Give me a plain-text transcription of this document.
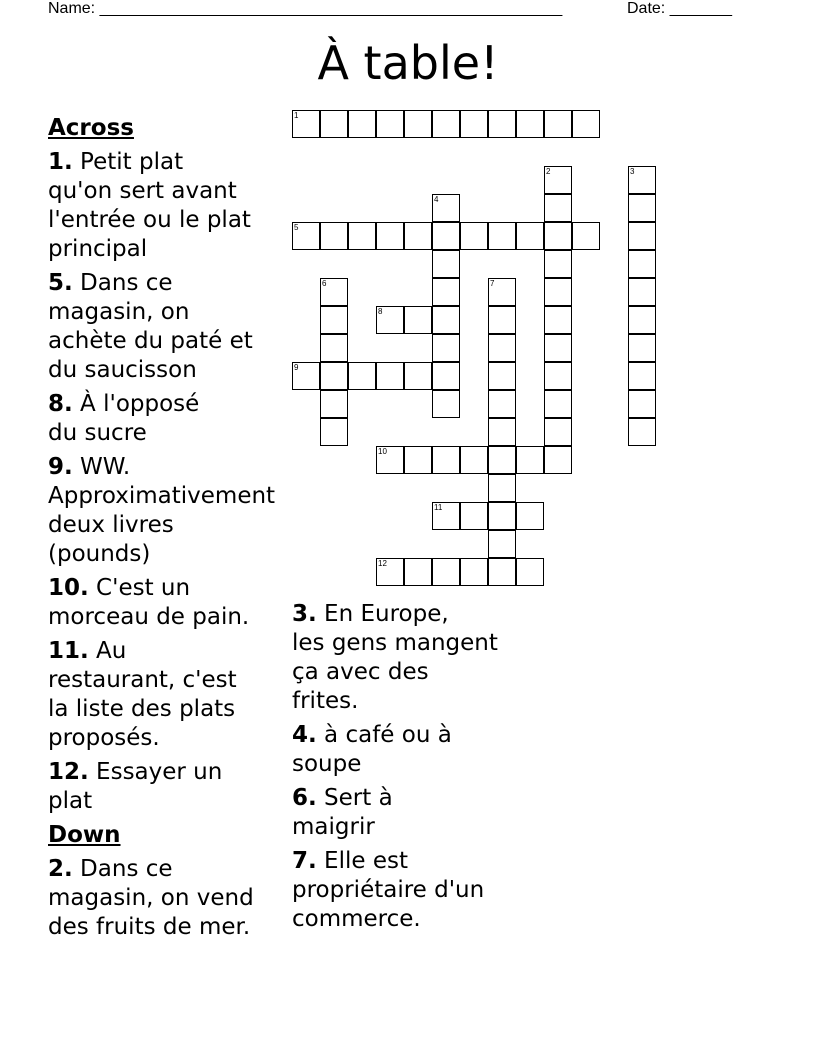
Name: ____________________________________________________	Date: _______
À table!
Across
1. Petit plat
qu'on sert avant
l'entrée ou le plat
principal
5. Dans ce
magasin, on
achète du paté et
du saucisson
8. À l'opposé
du sucre
9. WW.
Approximativement
deux livres
(pounds)
10. C'est un
morceau de pain.
11. Au
restaurant, c'est
la liste des plats
proposés.
12. Essayer un
plat
Down
2. Dans ce
magasin, on vend
des fruits de mer.
3. En Europe,
les gens mangent
ça avec des
frites.
4. à café ou à
soupe
6. Sert à
maigrir
7. Elle est
propriétaire d'un
commerce.
1
5
8
9
10
11
12
2	3
4
6	7
